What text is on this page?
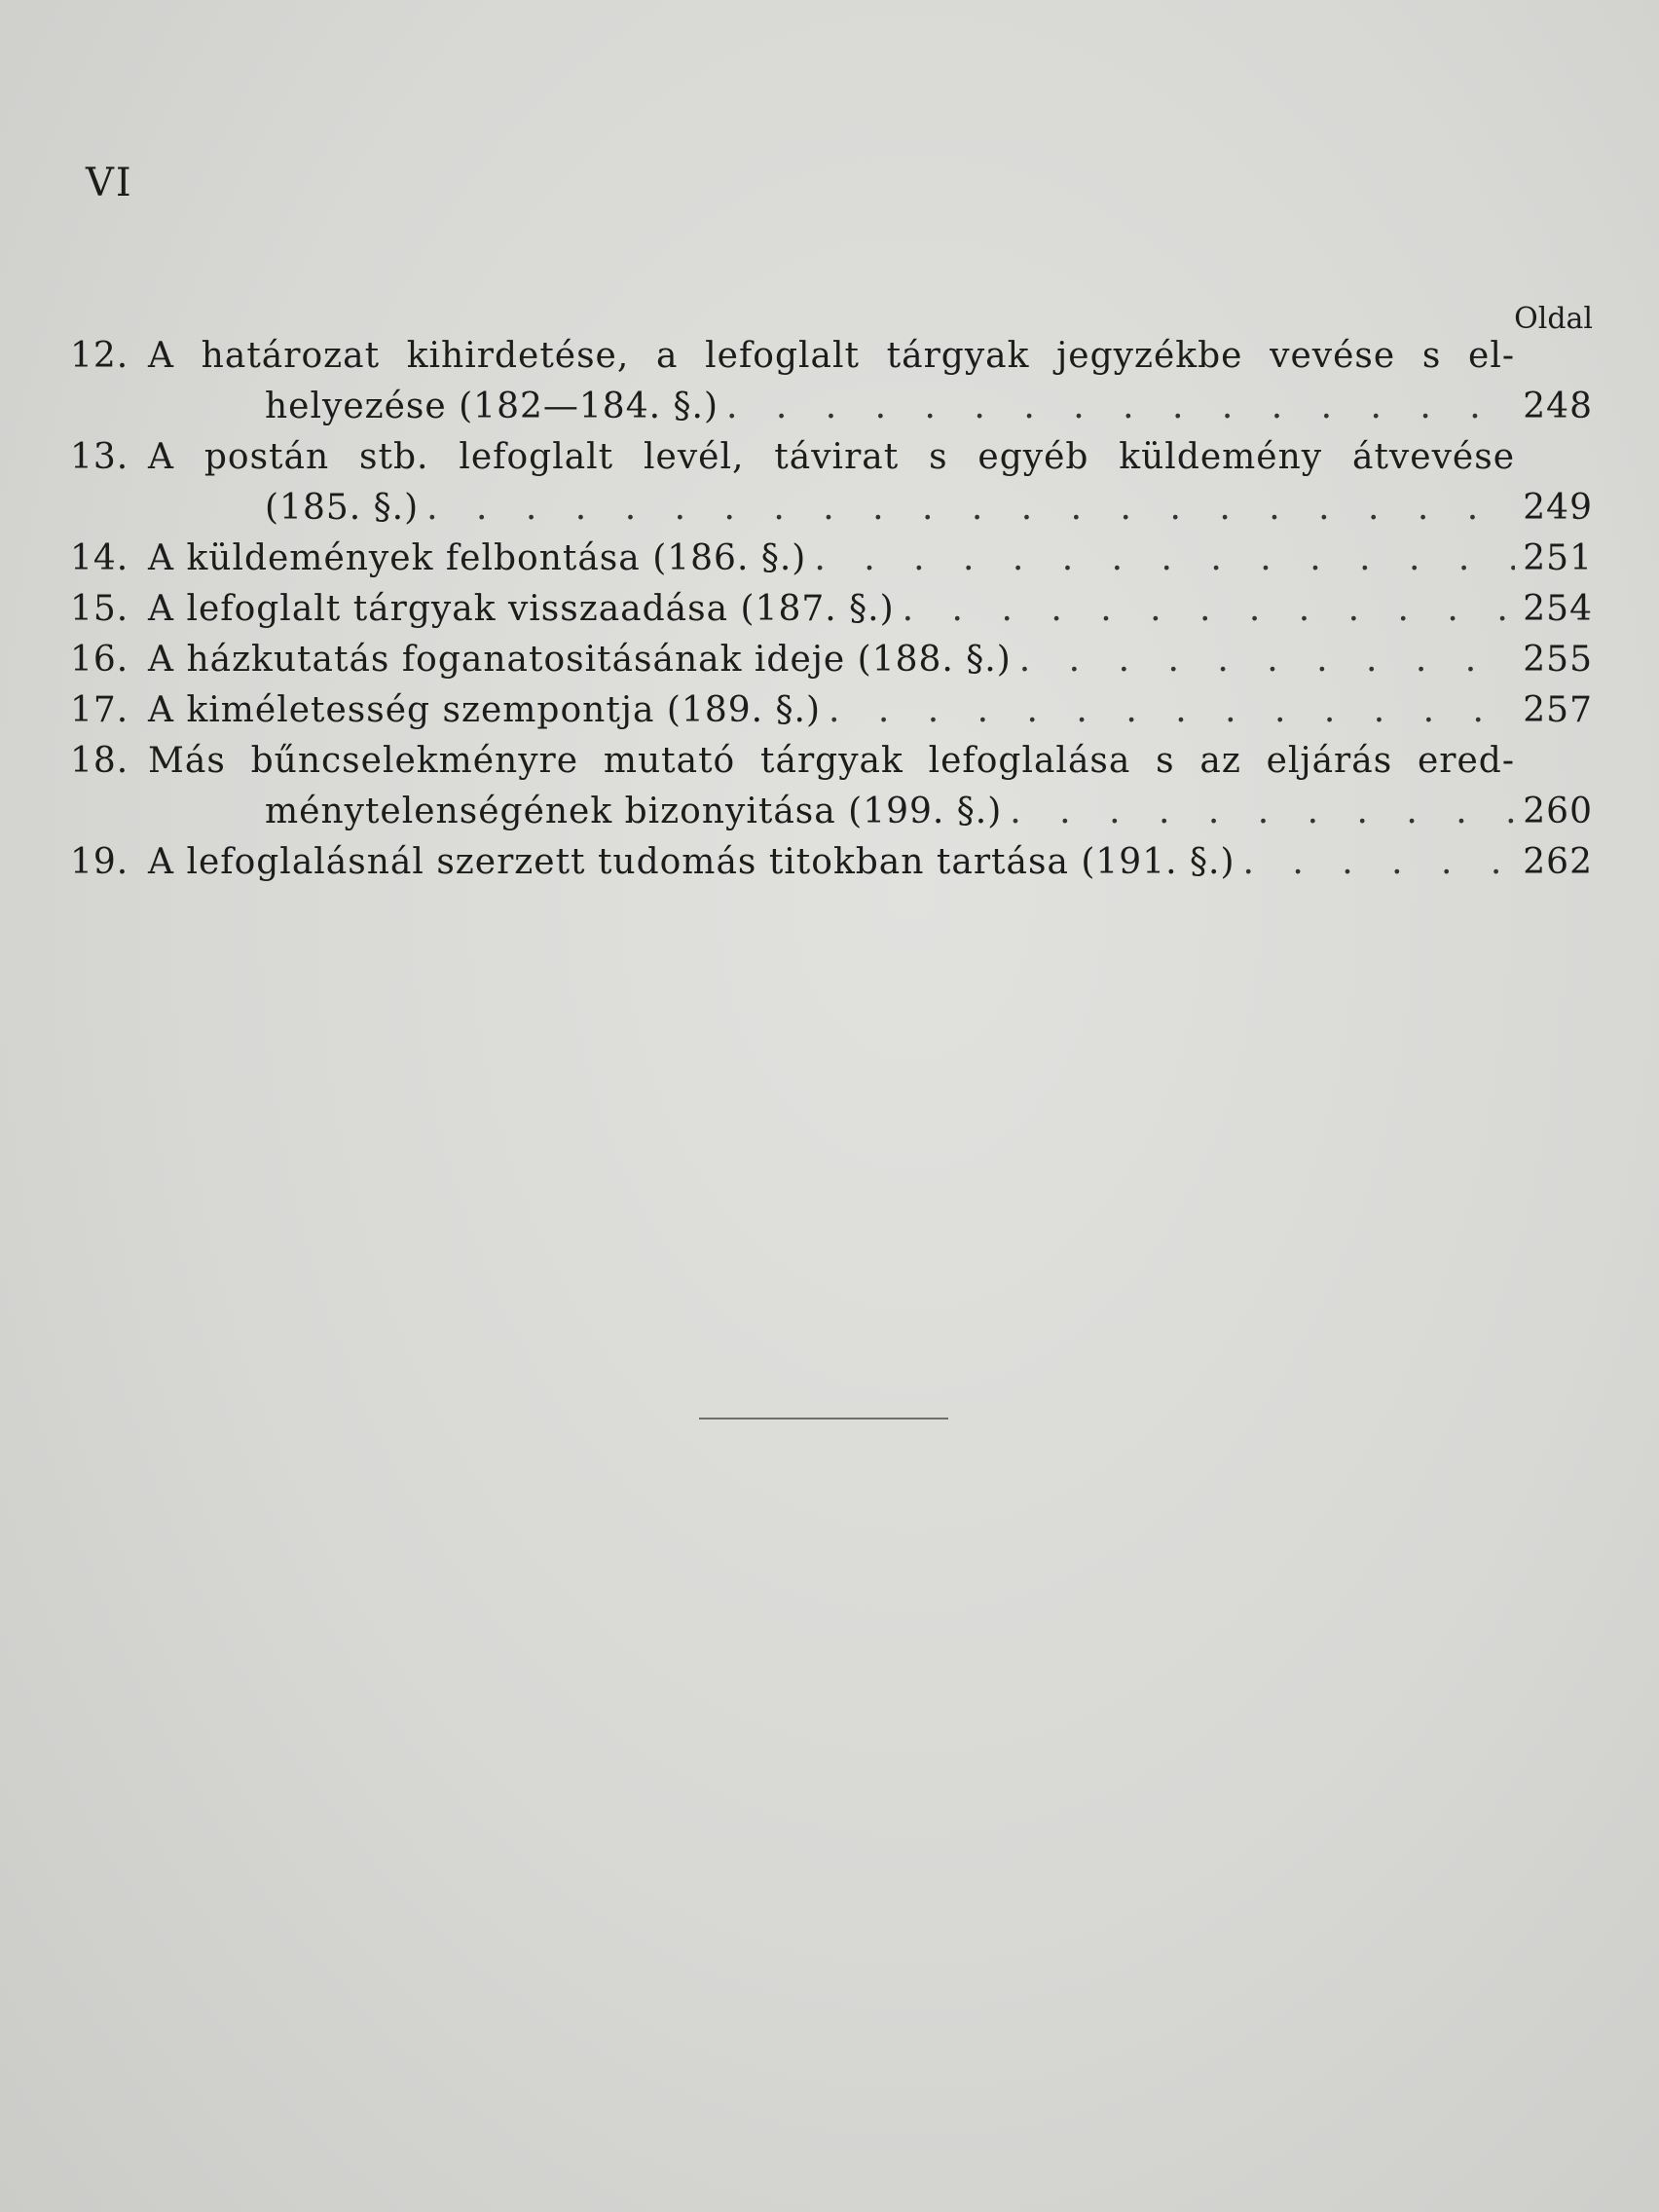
VI
Oldal
12. A határozat kihirdetése, a lefoglalt tárgyak jegyzékbe vevése s el-
helyezése (182—184. §.) . . .	248
13. A postán stb. lefoglalt levél, távirat s egyéb küldemény átvevése
(185. §.) . . .	249
14. A küldemények felbontása (186. §.) . . .	251
15. A lefoglalt tárgyak visszaadása (187. §.) . . .	254
16. A házkutatás foganatositásának ideje (188. §.) . . .	255
17. A kiméletesség szempontja (189. §.) . . .	257
18. Más bűncselekményre mutató tárgyak lefoglalása s az eljárás ered-
ménytelenségének bizonyitása (199. §.) . . .	260
19. A lefoglalásnál szerzett tudomás titokban tartása (191. §.) . . .	262
